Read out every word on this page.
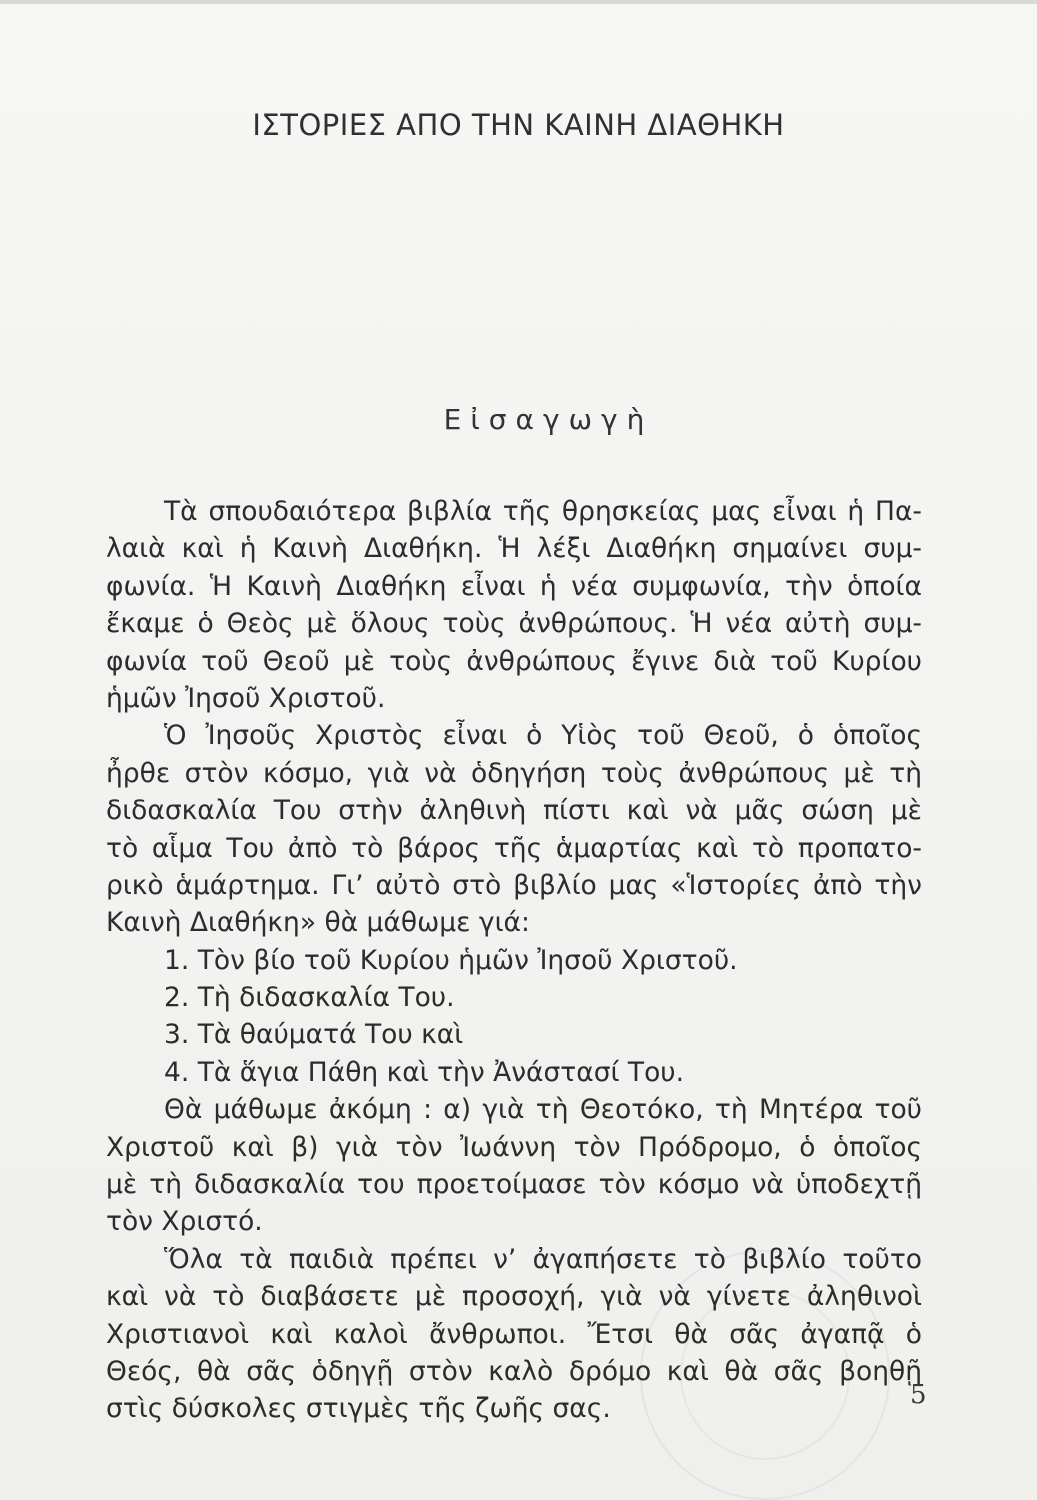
ΙΣΤΟΡΙΕΣ ΑΠΟ ΤΗΝ ΚΑΙΝΗ ΔΙΑΘΗΚΗ
Εἰσαγωγὴ
Τὰ σπουδαιότερα βιβλία τῆς θρησκείας μας εἶναι ἡ Πα-
λαιὰ καὶ ἡ Καινὴ Διαθήκη. Ἡ λέξι Διαθήκη σημαίνει συμ-
φωνία. Ἡ Καινὴ Διαθήκη εἶναι ἡ νέα συμφωνία, τὴν ὁποία
ἔκαμε ὁ Θεὸς μὲ ὅλους τοὺς ἀνθρώπους. Ἡ νέα αὐτὴ συμ-
φωνία τοῦ Θεοῦ μὲ τοὺς ἀνθρώπους ἔγινε διὰ τοῦ Κυρίου
ἡμῶν Ἰησοῦ Χριστοῦ.
Ὁ Ἰησοῦς Χριστὸς εἶναι ὁ Υἱὸς τοῦ Θεοῦ, ὁ ὁποῖος
ἦρθε στὸν κόσμο, γιὰ νὰ ὁδηγήση τοὺς ἀνθρώπους μὲ τὴ
διδασκαλία Του στὴν ἀληθινὴ πίστι καὶ νὰ μᾶς σώση μὲ
τὸ αἷμα Του ἀπὸ τὸ βάρος τῆς ἁμαρτίας καὶ τὸ προπατο-
ρικὸ ἁμάρτημα. Γι’ αὐτὸ στὸ βιβλίο μας «Ἱστορίες ἀπὸ τὴν
Καινὴ Διαθήκη» θὰ μάθωμε γιά:
1. Τὸν βίο τοῦ Κυρίου ἡμῶν Ἰησοῦ Χριστοῦ.
2. Τὴ διδασκαλία Του.
3. Τὰ θαύματά Του καὶ
4. Τὰ ἅγια Πάθη καὶ τὴν Ἀνάστασί Του.
Θὰ μάθωμε ἀκόμη : α) γιὰ τὴ Θεοτόκο, τὴ Μητέρα τοῦ
Χριστοῦ καὶ β) γιὰ τὸν Ἰωάννη τὸν Πρόδρομο, ὁ ὁποῖος
μὲ τὴ διδασκαλία του προετοίμασε τὸν κόσμο νὰ ὑποδεχτῇ
τὸν Χριστό.
Ὅλα τὰ παιδιὰ πρέπει ν’ ἀγαπήσετε τὸ βιβλίο τοῦτο
καὶ νὰ τὸ διαβάσετε μὲ προσοχή, γιὰ νὰ γίνετε ἀληθινοὶ
Χριστιανοὶ καὶ καλοὶ ἄνθρωποι. Ἔτσι θὰ σᾶς ἀγαπᾷ ὁ
Θεός, θὰ σᾶς ὁδηγῇ στὸν καλὸ δρόμο καὶ θὰ σᾶς βοηθῇ
στὶς δύσκολες στιγμὲς τῆς ζωῆς σας.	5
